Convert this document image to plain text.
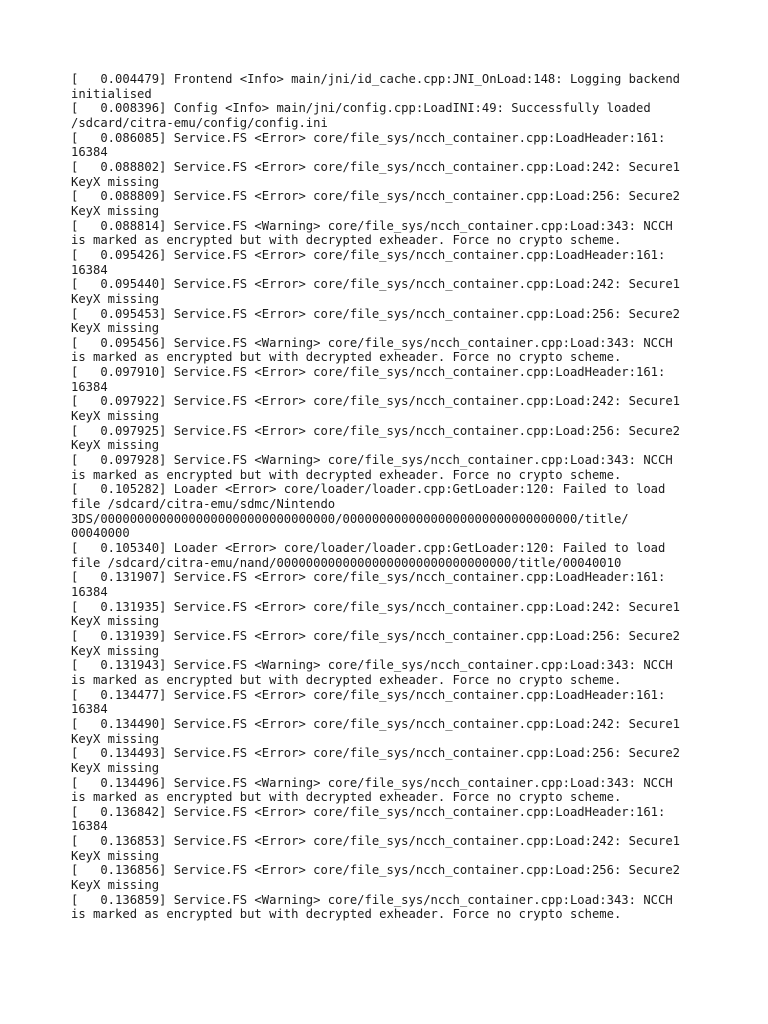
[   0.004479] Frontend <Info> main/jni/id_cache.cpp:JNI_OnLoad:148: Logging backend
initialised
[   0.008396] Config <Info> main/jni/config.cpp:LoadINI:49: Successfully loaded
/sdcard/citra-emu/config/config.ini
[   0.086085] Service.FS <Error> core/file_sys/ncch_container.cpp:LoadHeader:161:
16384
[   0.088802] Service.FS <Error> core/file_sys/ncch_container.cpp:Load:242: Secure1
KeyX missing
[   0.088809] Service.FS <Error> core/file_sys/ncch_container.cpp:Load:256: Secure2
KeyX missing
[   0.088814] Service.FS <Warning> core/file_sys/ncch_container.cpp:Load:343: NCCH
is marked as encrypted but with decrypted exheader. Force no crypto scheme.
[   0.095426] Service.FS <Error> core/file_sys/ncch_container.cpp:LoadHeader:161:
16384
[   0.095440] Service.FS <Error> core/file_sys/ncch_container.cpp:Load:242: Secure1
KeyX missing
[   0.095453] Service.FS <Error> core/file_sys/ncch_container.cpp:Load:256: Secure2
KeyX missing
[   0.095456] Service.FS <Warning> core/file_sys/ncch_container.cpp:Load:343: NCCH
is marked as encrypted but with decrypted exheader. Force no crypto scheme.
[   0.097910] Service.FS <Error> core/file_sys/ncch_container.cpp:LoadHeader:161:
16384
[   0.097922] Service.FS <Error> core/file_sys/ncch_container.cpp:Load:242: Secure1
KeyX missing
[   0.097925] Service.FS <Error> core/file_sys/ncch_container.cpp:Load:256: Secure2
KeyX missing
[   0.097928] Service.FS <Warning> core/file_sys/ncch_container.cpp:Load:343: NCCH
is marked as encrypted but with decrypted exheader. Force no crypto scheme.
[   0.105282] Loader <Error> core/loader/loader.cpp:GetLoader:120: Failed to load
file /sdcard/citra-emu/sdmc/Nintendo
3DS/00000000000000000000000000000000/00000000000000000000000000000000/title/
00040000
[   0.105340] Loader <Error> core/loader/loader.cpp:GetLoader:120: Failed to load
file /sdcard/citra-emu/nand/00000000000000000000000000000000/title/00040010
[   0.131907] Service.FS <Error> core/file_sys/ncch_container.cpp:LoadHeader:161:
16384
[   0.131935] Service.FS <Error> core/file_sys/ncch_container.cpp:Load:242: Secure1
KeyX missing
[   0.131939] Service.FS <Error> core/file_sys/ncch_container.cpp:Load:256: Secure2
KeyX missing
[   0.131943] Service.FS <Warning> core/file_sys/ncch_container.cpp:Load:343: NCCH
is marked as encrypted but with decrypted exheader. Force no crypto scheme.
[   0.134477] Service.FS <Error> core/file_sys/ncch_container.cpp:LoadHeader:161:
16384
[   0.134490] Service.FS <Error> core/file_sys/ncch_container.cpp:Load:242: Secure1
KeyX missing
[   0.134493] Service.FS <Error> core/file_sys/ncch_container.cpp:Load:256: Secure2
KeyX missing
[   0.134496] Service.FS <Warning> core/file_sys/ncch_container.cpp:Load:343: NCCH
is marked as encrypted but with decrypted exheader. Force no crypto scheme.
[   0.136842] Service.FS <Error> core/file_sys/ncch_container.cpp:LoadHeader:161:
16384
[   0.136853] Service.FS <Error> core/file_sys/ncch_container.cpp:Load:242: Secure1
KeyX missing
[   0.136856] Service.FS <Error> core/file_sys/ncch_container.cpp:Load:256: Secure2
KeyX missing
[   0.136859] Service.FS <Warning> core/file_sys/ncch_container.cpp:Load:343: NCCH
is marked as encrypted but with decrypted exheader. Force no crypto scheme.
